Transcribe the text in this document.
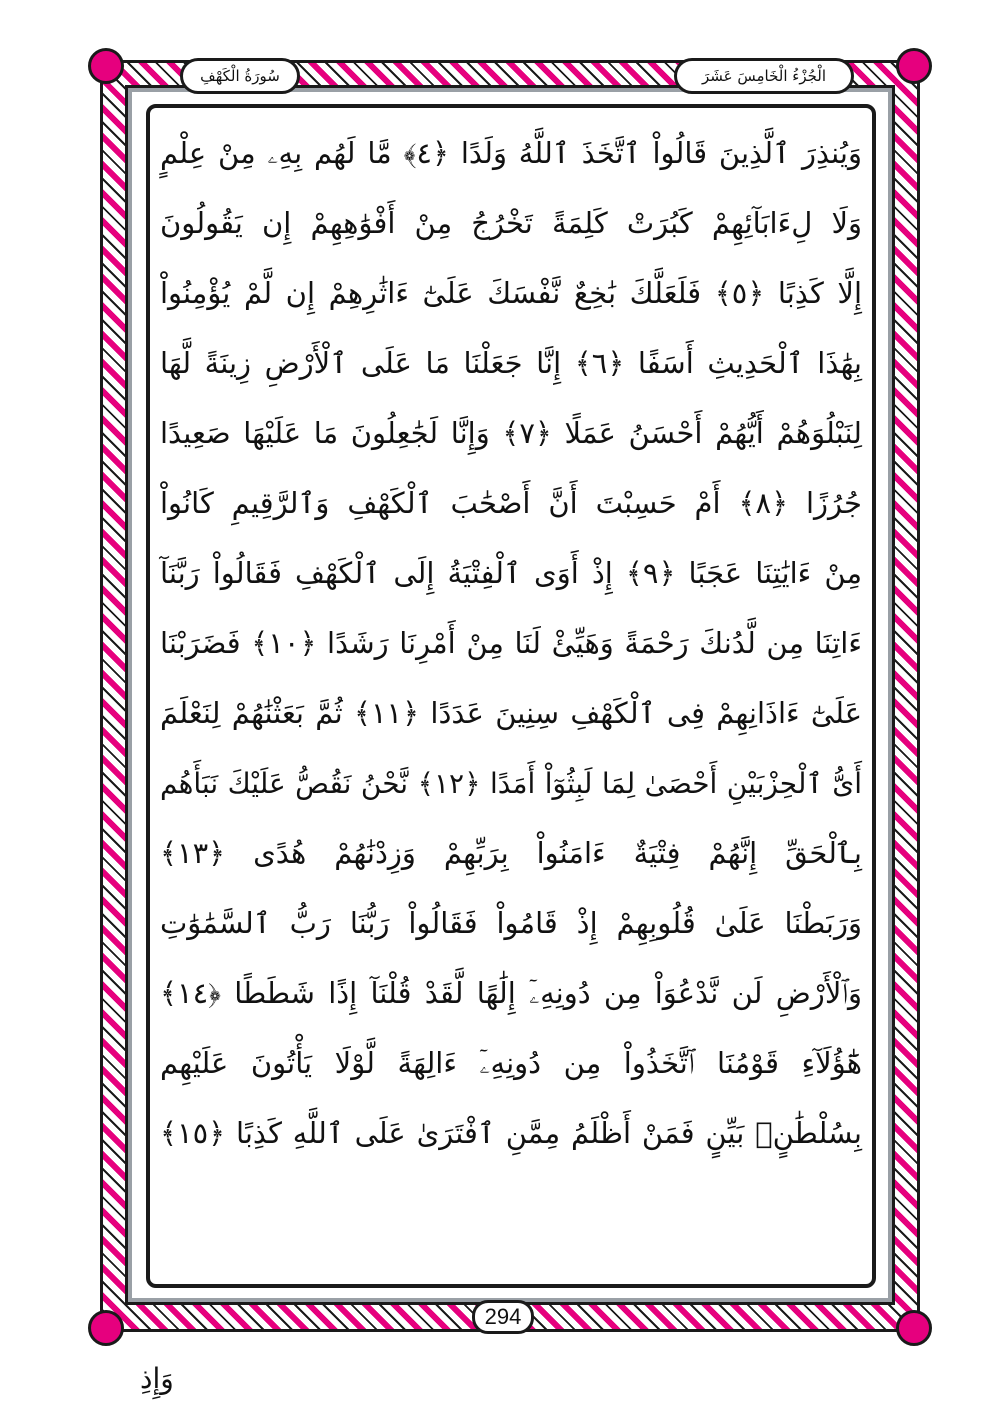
الْجُزْءُ الْخَامِسَ عَشَرَ
سُورَةُ الْكَهْفِ
وَيُنذِرَ ٱلَّذِينَ قَالُواْ ٱتَّخَذَ ٱللَّهُ وَلَدًا ﴿٤﴾ مَّا لَهُم بِهِۦ مِنْ عِلْمٍ
وَلَا لِءَابَآئِهِمْ كَبُرَتْ كَلِمَةً تَخْرُجُ مِنْ أَفْوَٰهِهِمْ إِن يَقُولُونَ
إِلَّا كَذِبًا ﴿٥﴾ فَلَعَلَّكَ بَٰخِعٌ نَّفْسَكَ عَلَىٰٓ ءَاثَٰرِهِمْ إِن لَّمْ يُؤْمِنُواْ
بِهَٰذَا ٱلْحَدِيثِ أَسَفًا ﴿٦﴾ إِنَّا جَعَلْنَا مَا عَلَى ٱلْأَرْضِ زِينَةً لَّهَا
لِنَبْلُوَهُمْ أَيُّهُمْ أَحْسَنُ عَمَلًا ﴿٧﴾ وَإِنَّا لَجَٰعِلُونَ مَا عَلَيْهَا صَعِيدًا
جُرُزًا ﴿٨﴾ أَمْ حَسِبْتَ أَنَّ أَصْحَٰبَ ٱلْكَهْفِ وَٱلرَّقِيمِ كَانُواْ
مِنْ ءَايَٰتِنَا عَجَبًا ﴿٩﴾ إِذْ أَوَى ٱلْفِتْيَةُ إِلَى ٱلْكَهْفِ فَقَالُواْ رَبَّنَآ
ءَاتِنَا مِن لَّدُنكَ رَحْمَةً وَهَيِّئْ لَنَا مِنْ أَمْرِنَا رَشَدًا ﴿١٠﴾ فَضَرَبْنَا
عَلَىٰٓ ءَاذَانِهِمْ فِى ٱلْكَهْفِ سِنِينَ عَدَدًا ﴿١١﴾ ثُمَّ بَعَثْنَٰهُمْ لِنَعْلَمَ
أَىُّ ٱلْحِزْبَيْنِ أَحْصَىٰ لِمَا لَبِثُوٓاْ أَمَدًا ﴿١٢﴾ نَّحْنُ نَقُصُّ عَلَيْكَ نَبَأَهُم
بِٱلْحَقِّ إِنَّهُمْ فِتْيَةٌ ءَامَنُواْ بِرَبِّهِمْ وَزِدْنَٰهُمْ هُدًى ﴿١٣﴾
وَرَبَطْنَا عَلَىٰ قُلُوبِهِمْ إِذْ قَامُواْ فَقَالُواْ رَبُّنَا رَبُّ ٱلسَّمَٰوَٰتِ
وَٱلْأَرْضِ لَن نَّدْعُوَاْ مِن دُونِهِۦٓ إِلَٰهًا لَّقَدْ قُلْنَآ إِذًا شَطَطًا ﴿١٤﴾
هَٰٓؤُلَآءِ قَوْمُنَا ٱتَّخَذُواْ مِن دُونِهِۦٓ ءَالِهَةً لَّوْلَا يَأْتُونَ عَلَيْهِم
بِسُلْطَٰنٍۭ بَيِّنٍ فَمَنْ أَظْلَمُ مِمَّنِ ٱفْتَرَىٰ عَلَى ٱللَّهِ كَذِبًا ﴿١٥﴾
294
وَإِذِ
